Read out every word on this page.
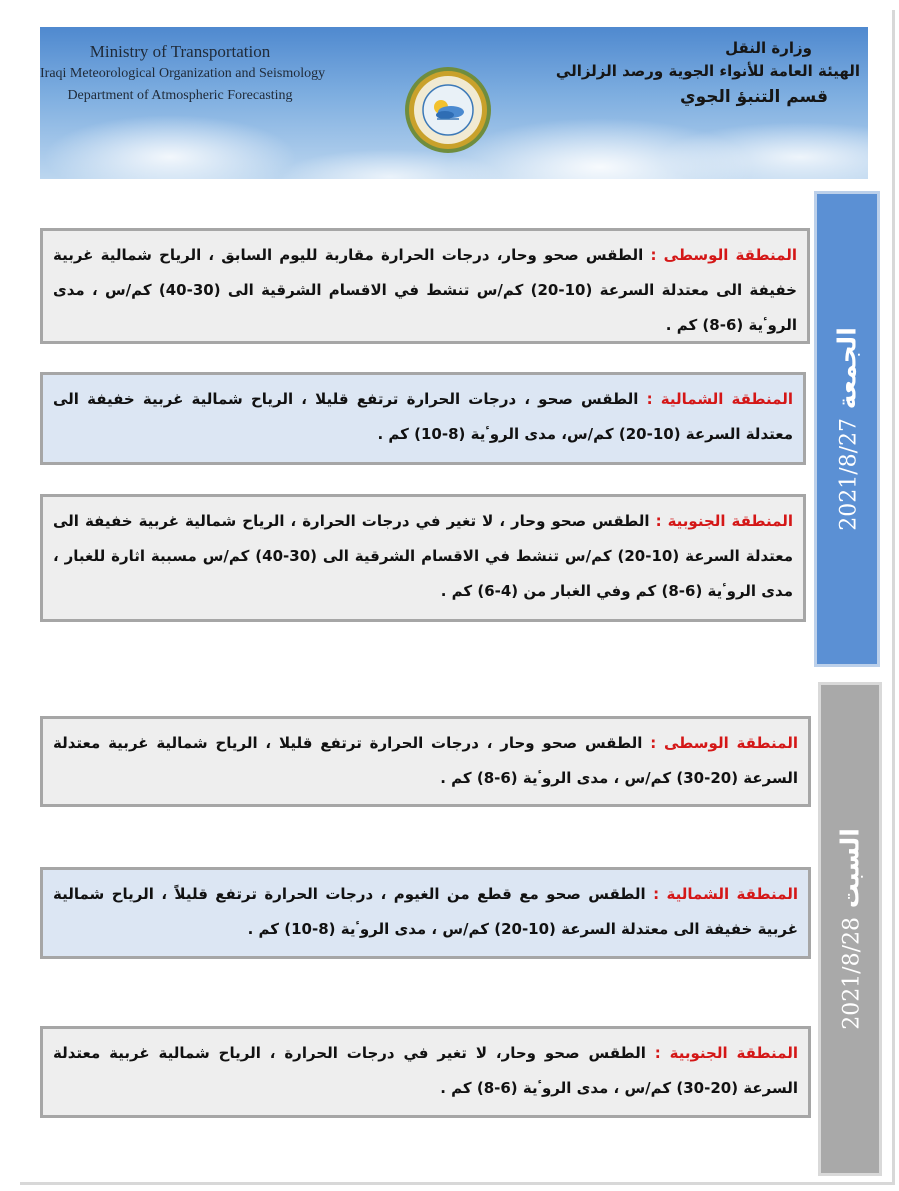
Ministry of Transportation
Iraqi Meteorological Organization and Seismology
Department of Atmospheric Forecasting
وزارة النقل
الهيئة العامة للأنواء الجوية ورصد الزلزالي
قسم التنبؤ الجوي
الجمعة 2021/8/27
السبت 2021/8/28
المنطقة الوسطى : الطقس صحو وحار، درجات الحرارة مقاربة لليوم السابق ، الرياح شمالية غربية خفيفة الى معتدلة السرعة (10-20) كم/س تنشط في الاقسام الشرقية الى (30-40) كم/س ، مدى الروٴية (6-8) كم .
المنطقة الشمالية : الطقس صحو ، درجات الحرارة ترتفع قليلا ، الرياح شمالية غربية خفيفة الى معتدلة السرعة (10-20) كم/س، مدى الروٴية (8-10) كم .
المنطقة الجنوبية : الطقس صحو وحار ، لا تغير في درجات الحرارة ، الرياح شمالية غربية خفيفة الى معتدلة السرعة (10-20) كم/س تنشط في الاقسام الشرقية الى (30-40) كم/س مسببة اثارة للغبار ، مدى الروٴية (6-8) كم وفي الغبار من (4-6) كم .
المنطقة الوسطى : الطقس صحو وحار ، درجات الحرارة ترتفع قليلا ، الرياح شمالية غربية معتدلة السرعة (20-30) كم/س ، مدى الروٴية (6-8) كم .
المنطقة الشمالية : الطقس صحو مع قطع من الغيوم ، درجات الحرارة ترتفع قليلاً ، الرياح شمالية غربية خفيفة الى معتدلة السرعة (10-20) كم/س ، مدى الروٴية (8-10) كم .
المنطقة الجنوبية : الطقس صحو وحار، لا تغير في درجات الحرارة ، الرياح شمالية غربية معتدلة السرعة (20-30) كم/س ، مدى الروٴية (6-8) كم .
